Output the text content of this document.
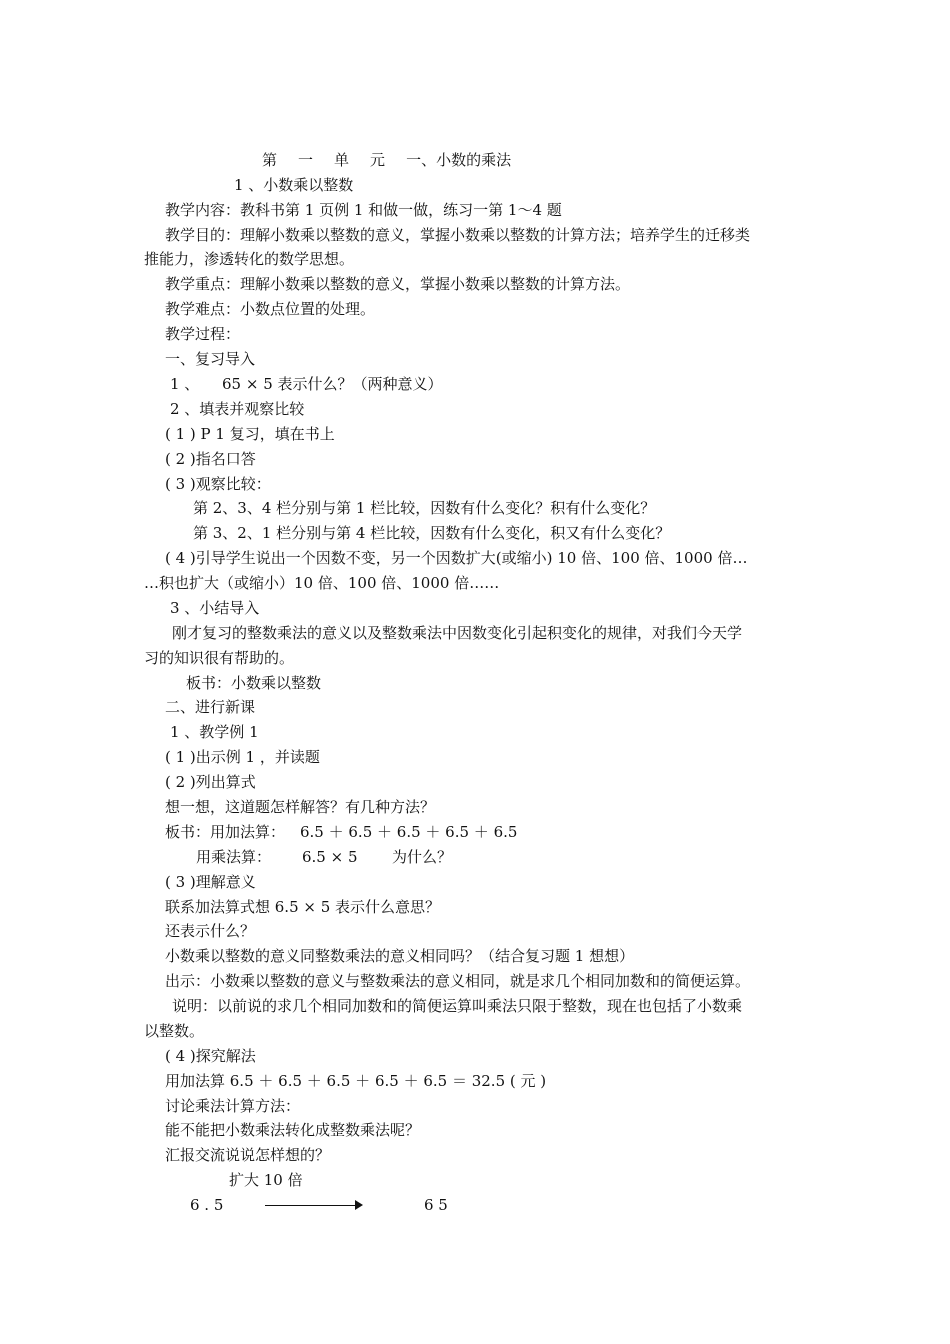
第 一 单 元 一、小数的乘法
1 、小数乘以整数
教学内容：教科书第 1 页例 1 和做一做，练习一第 1～4 题
教学目的：理解小数乘以整数的意义，掌握小数乘以整数的计算方法；培养学生的迁移类
推能力，渗透转化的数学思想。
教学重点：理解小数乘以整数的意义，掌握小数乘以整数的计算方法。
教学难点：小数点位置的处理。
教学过程：
一、复习导入
1 、 65 × 5 表示什么？（两种意义）
2 、填表并观察比较
( 1 ) P 1 复习，填在书上
( 2 )指名口答
( 3 )观察比较：
第 2、3、4 栏分别与第 1 栏比较，因数有什么变化？积有什么变化？
第 3、2、1 栏分别与第 4 栏比较，因数有什么变化，积又有什么变化？
( 4 )引导学生说出一个因数不变，另一个因数扩大(或缩小) 10 倍、100 倍、1000 倍…
…积也扩大（或缩小）10 倍、100 倍、1000 倍……
3 、小结导入
刚才复习的整数乘法的意义以及整数乘法中因数变化引起积变化的规律，对我们今天学
习的知识很有帮助的。
板书：小数乘以整数
二、进行新课
1 、教学例 1
( 1 )出示例 1 ，并读题
( 2 )列出算式
想一想，这道题怎样解答？有几种方法？
板书：用加法算： 6.5 ＋ 6.5 ＋ 6.5 ＋ 6.5 ＋ 6.5
用乘法算： 6.5 × 5 为什么？
( 3 )理解意义
联系加法算式想 6.5 × 5 表示什么意思？
还表示什么？
小数乘以整数的意义同整数乘法的意义相同吗？（结合复习题 1 想想）
出示：小数乘以整数的意义与整数乘法的意义相同，就是求几个相同加数和的简便运算。
说明：以前说的求几个相同加数和的简便运算叫乘法只限于整数，现在也包括了小数乘
以整数。
( 4 )探究解法
用加法算 6.5 ＋ 6.5 ＋ 6.5 ＋ 6.5 ＋ 6.5 ＝ 32.5 ( 元 )
讨论乘法计算方法：
能不能把小数乘法转化成整数乘法呢？
汇报交流说说怎样想的？
扩大 10 倍
6 . 5	6 5
